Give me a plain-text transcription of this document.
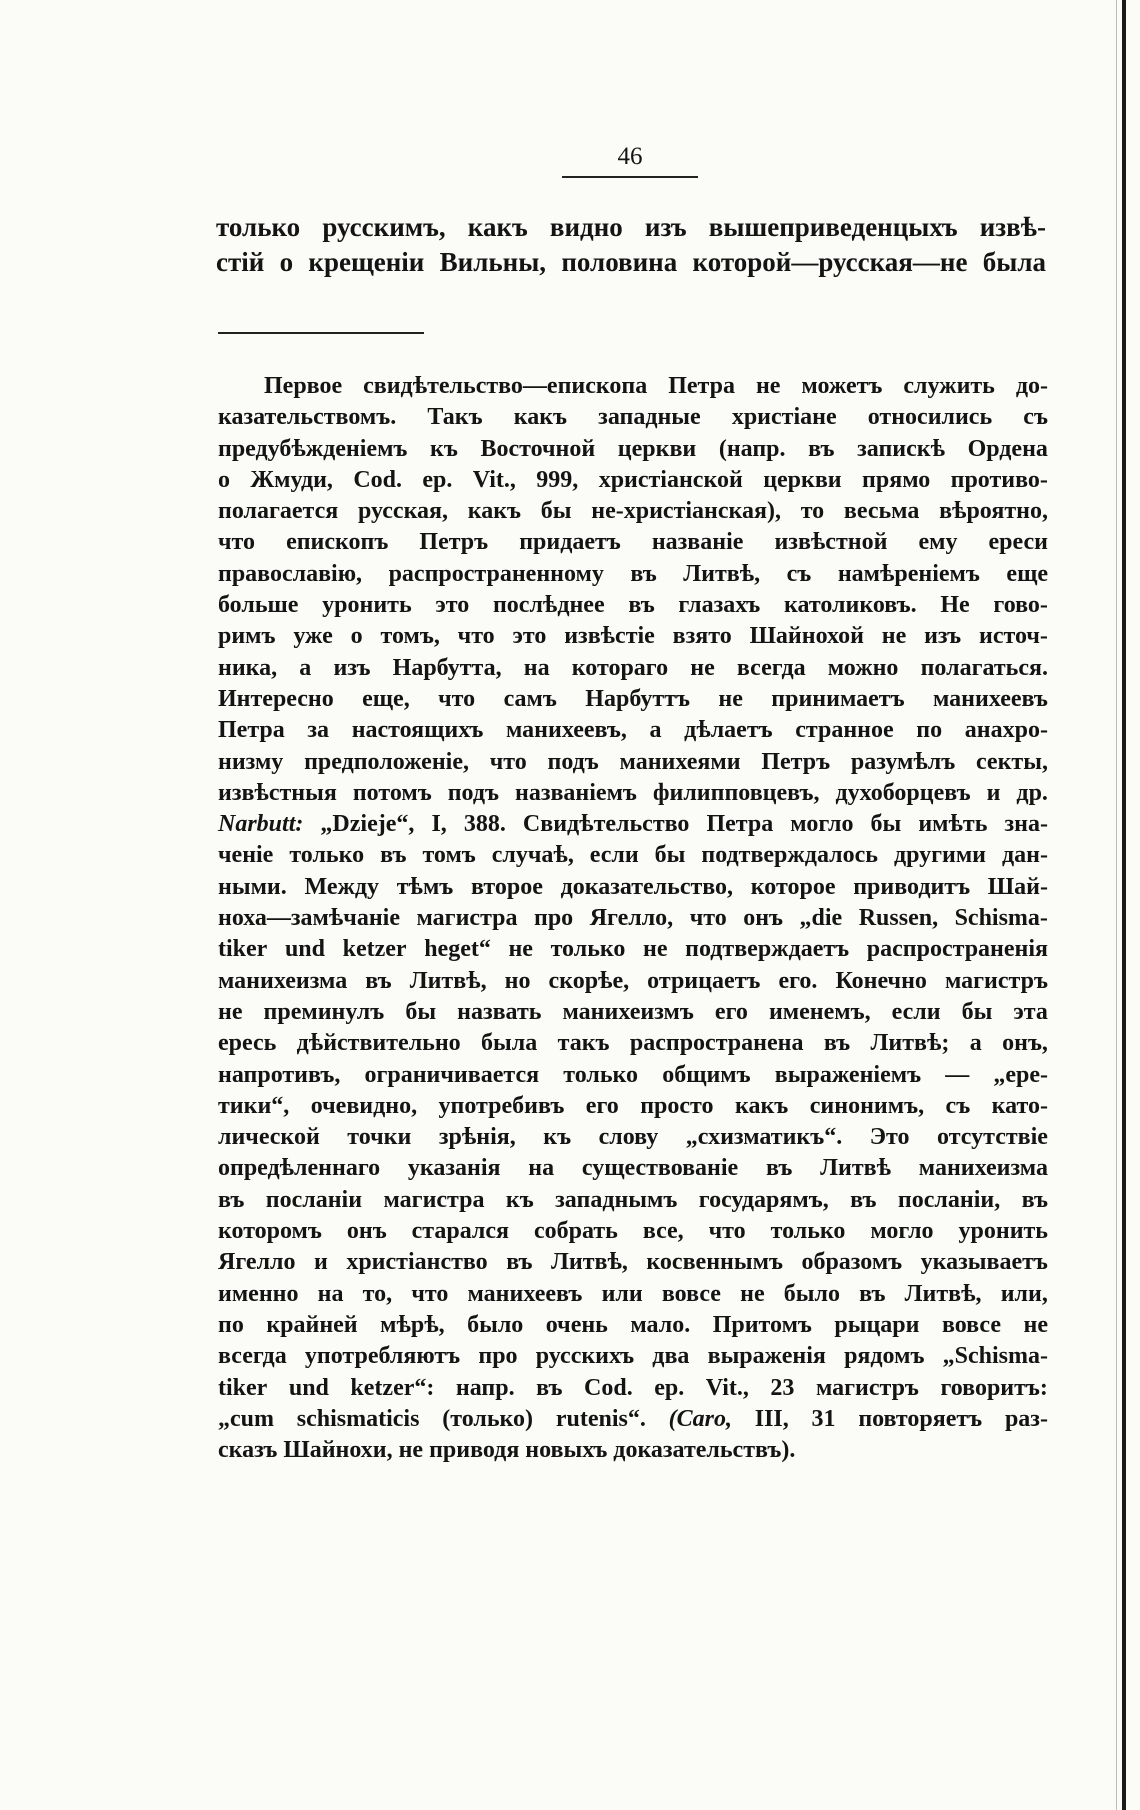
46
только русскимъ, какъ видно изъ вышеприведенцыхъ извѣ-
стій о крещеніи Вильны, половина которой—русская—не была
Первое свидѣтельство—епископа Петра не можетъ служить до-
казательствомъ. Такъ какъ западные христіане относились съ
предубѣжденіемъ къ Восточной церкви (напр. въ запискѣ Ордена
о Жмуди, Cod. ep. Vit., 999, христіанской церкви прямо противо-
полагается русская, какъ бы не-христіанская), то весьма вѣроятно,
что епископъ Петръ придаетъ названіе извѣстной ему ереси
православію, распространенному въ Литвѣ, съ намѣреніемъ еще
больше уронить это послѣднее въ глазахъ католиковъ. Не гово-
римъ уже о томъ, что это извѣстіе взято Шайнохой не изъ источ-
ника, а изъ Нарбутта, на котораго не всегда можно полагаться.
Интересно еще, что самъ Нарбуттъ не принимаетъ манихеевъ
Петра за настоящихъ манихеевъ, а дѣлаетъ странное по анахро-
низму предположеніе, что подъ манихеями Петръ разумѣлъ секты,
извѣстныя потомъ подъ названіемъ филипповцевъ, духоборцевъ и др.
Narbutt: „Dzieje“, I, 388. Свидѣтельство Петра могло бы имѣть зна-
ченіе только въ томъ случаѣ, если бы подтверждалось другими дан-
ными. Между тѣмъ второе доказательство, которое приводитъ Шай-
ноха—замѣчаніе магистра про Ягелло, что онъ „die Russen, Schisma-
tiker und ketzer heget“ не только не подтверждаетъ распространенія
манихеизма въ Литвѣ, но скорѣе, отрицаетъ его. Конечно магистръ
не преминулъ бы назвать манихеизмъ его именемъ, если бы эта
ересь дѣйствительно была такъ распространена въ Литвѣ; а онъ,
напротивъ, ограничивается только общимъ выраженіемъ — „ере-
тики“, очевидно, употребивъ его просто какъ синонимъ, съ като-
лической точки зрѣнія, къ слову „схизматикъ“. Это отсутствіе
опредѣленнаго указанія на существованіе въ Литвѣ манихеизма
въ посланіи магистра къ западнымъ государямъ, въ посланіи, въ
которомъ онъ старался собрать все, что только могло уронить
Ягелло и христіанство въ Литвѣ, косвеннымъ образомъ указываетъ
именно на то, что манихеевъ или вовсе не было въ Литвѣ, или,
по крайней мѣрѣ, было очень мало. Притомъ рыцари вовсе не
всегда употребляютъ про русскихъ два выраженія рядомъ „Schisma-
tiker und ketzer“: напр. въ Cod. ep. Vit., 23 магистръ говоритъ:
„cum schismaticis (только) rutenis“. (Caro, III, 31 повторяетъ раз-
сказъ Шайнохи, не приводя новыхъ доказательствъ).
